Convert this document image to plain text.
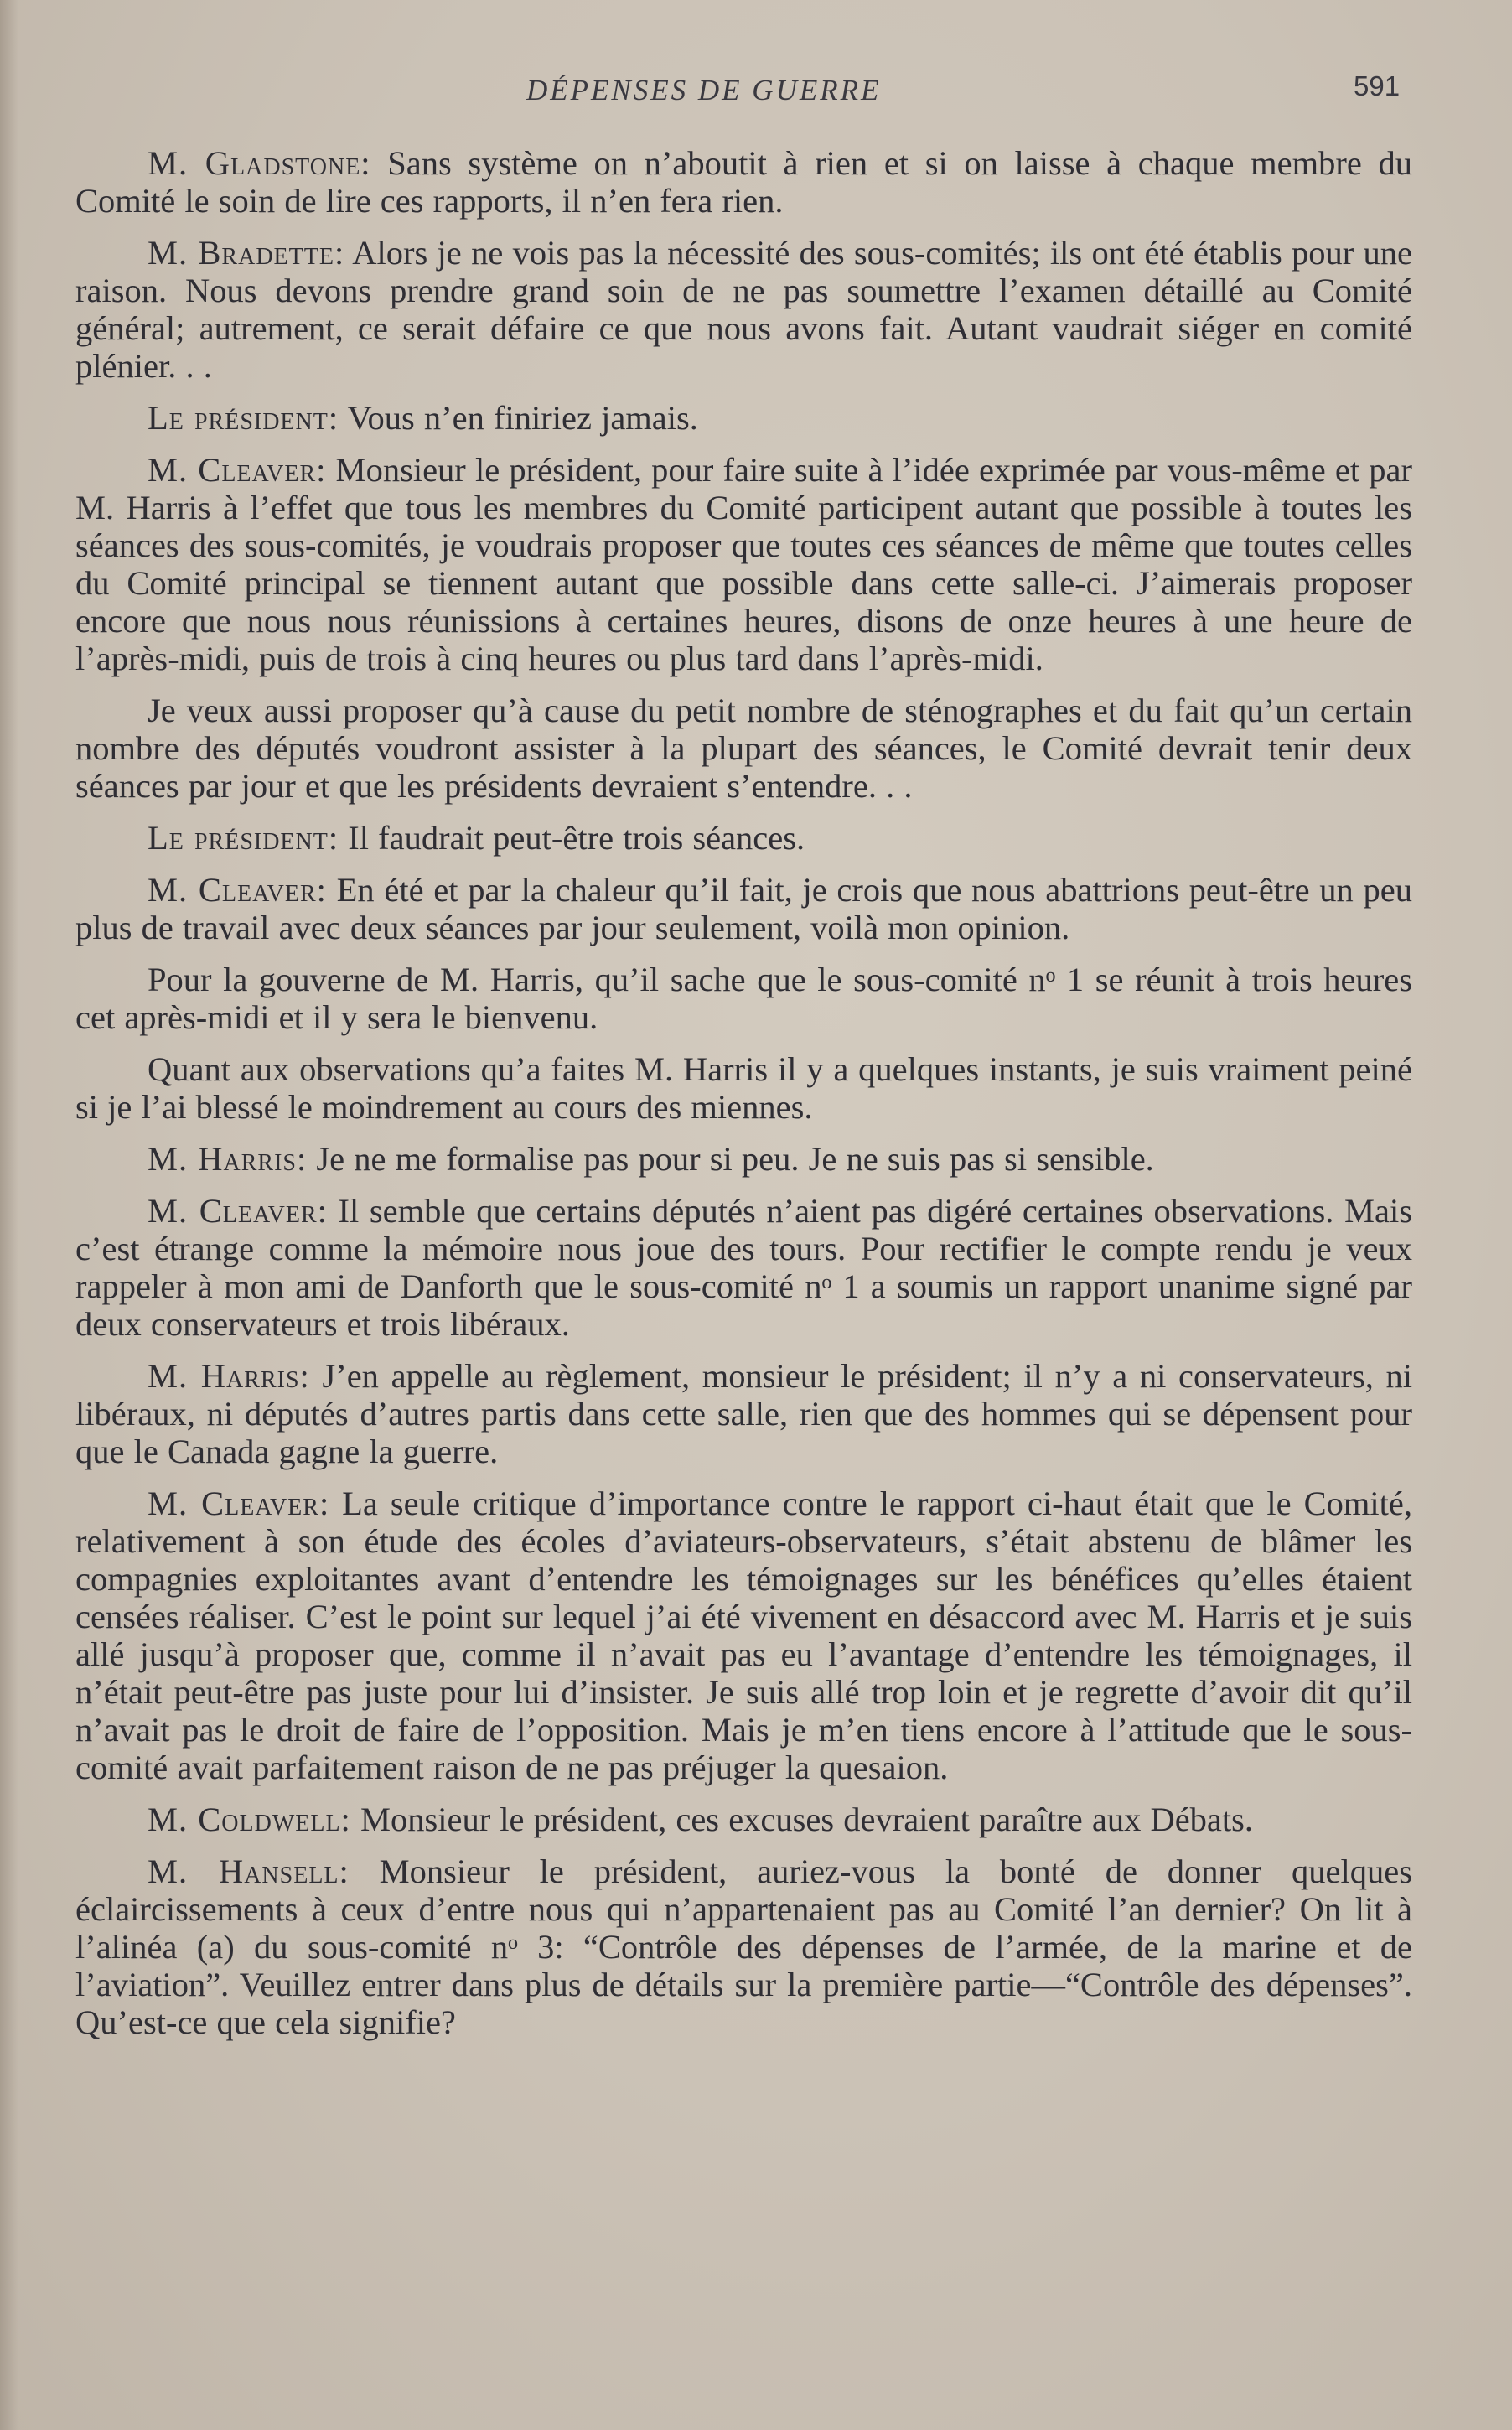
DÉPENSES DE GUERRE	591

M. Gladstone: Sans système on n’aboutit à rien et si on laisse à chaque membre du Comité le soin de lire ces rapports, il n’en fera rien.

M. Bradette: Alors je ne vois pas la nécessité des sous-comités; ils ont été établis pour une raison. Nous devons prendre grand soin de ne pas soumettre l’examen détaillé au Comité général; autrement, ce serait défaire ce que nous avons fait. Autant vaudrait siéger en comité plénier. . .

Le président: Vous n’en finiriez jamais.

M. Cleaver: Monsieur le président, pour faire suite à l’idée exprimée par vous-même et par M. Harris à l’effet que tous les membres du Comité participent autant que possible à toutes les séances des sous-comités, je voudrais proposer que toutes ces séances de même que toutes celles du Comité principal se tiennent autant que possible dans cette salle-ci. J’aimerais proposer encore que nous nous réunissions à certaines heures, disons de onze heures à une heure de l’après-midi, puis de trois à cinq heures ou plus tard dans l’après-midi.

Je veux aussi proposer qu’à cause du petit nombre de sténographes et du fait qu’un certain nombre des députés voudront assister à la plupart des séances, le Comité devrait tenir deux séances par jour et que les présidents devraient s’entendre. . .

Le président: Il faudrait peut-être trois séances.

M. Cleaver: En été et par la chaleur qu’il fait, je crois que nous abattrions peut-être un peu plus de travail avec deux séances par jour seulement, voilà mon opinion.

Pour la gouverne de M. Harris, qu’il sache que le sous-comité nᵒ 1 se réunit à trois heures cet après-midi et il y sera le bienvenu.

Quant aux observations qu’a faites M. Harris il y a quelques instants, je suis vraiment peiné si je l’ai blessé le moindrement au cours des miennes.

M. Harris: Je ne me formalise pas pour si peu. Je ne suis pas si sensible.

M. Cleaver: Il semble que certains députés n’aient pas digéré certaines observations. Mais c’est étrange comme la mémoire nous joue des tours. Pour rectifier le compte rendu je veux rappeler à mon ami de Danforth que le sous-comité nᵒ 1 a soumis un rapport unanime signé par deux conservateurs et trois libéraux.

M. Harris: J’en appelle au règlement, monsieur le président; il n’y a ni conservateurs, ni libéraux, ni députés d’autres partis dans cette salle, rien que des hommes qui se dépensent pour que le Canada gagne la guerre.

M. Cleaver: La seule critique d’importance contre le rapport ci-haut était que le Comité, relativement à son étude des écoles d’aviateurs-observateurs, s’était abstenu de blâmer les compagnies exploitantes avant d’entendre les témoignages sur les bénéfices qu’elles étaient censées réaliser. C’est le point sur lequel j’ai été vivement en désaccord avec M. Harris et je suis allé jusqu’à proposer que, comme il n’avait pas eu l’avantage d’entendre les témoignages, il n’était peut-être pas juste pour lui d’insister. Je suis allé trop loin et je regrette d’avoir dit qu’il n’avait pas le droit de faire de l’opposition. Mais je m’en tiens encore à l’attitude que le sous-comité avait parfaitement raison de ne pas préjuger la quesaion.

M. Coldwell: Monsieur le président, ces excuses devraient paraître aux Débats.

M. Hansell: Monsieur le président, auriez-vous la bonté de donner quelques éclaircissements à ceux d’entre nous qui n’appartenaient pas au Comité l’an dernier? On lit à l’alinéa (a) du sous-comité nᵒ 3: “Contrôle des dépenses de l’armée, de la marine et de l’aviation”. Veuillez entrer dans plus de détails sur la première partie—“Contrôle des dépenses”. Qu’est-ce que cela signifie?
